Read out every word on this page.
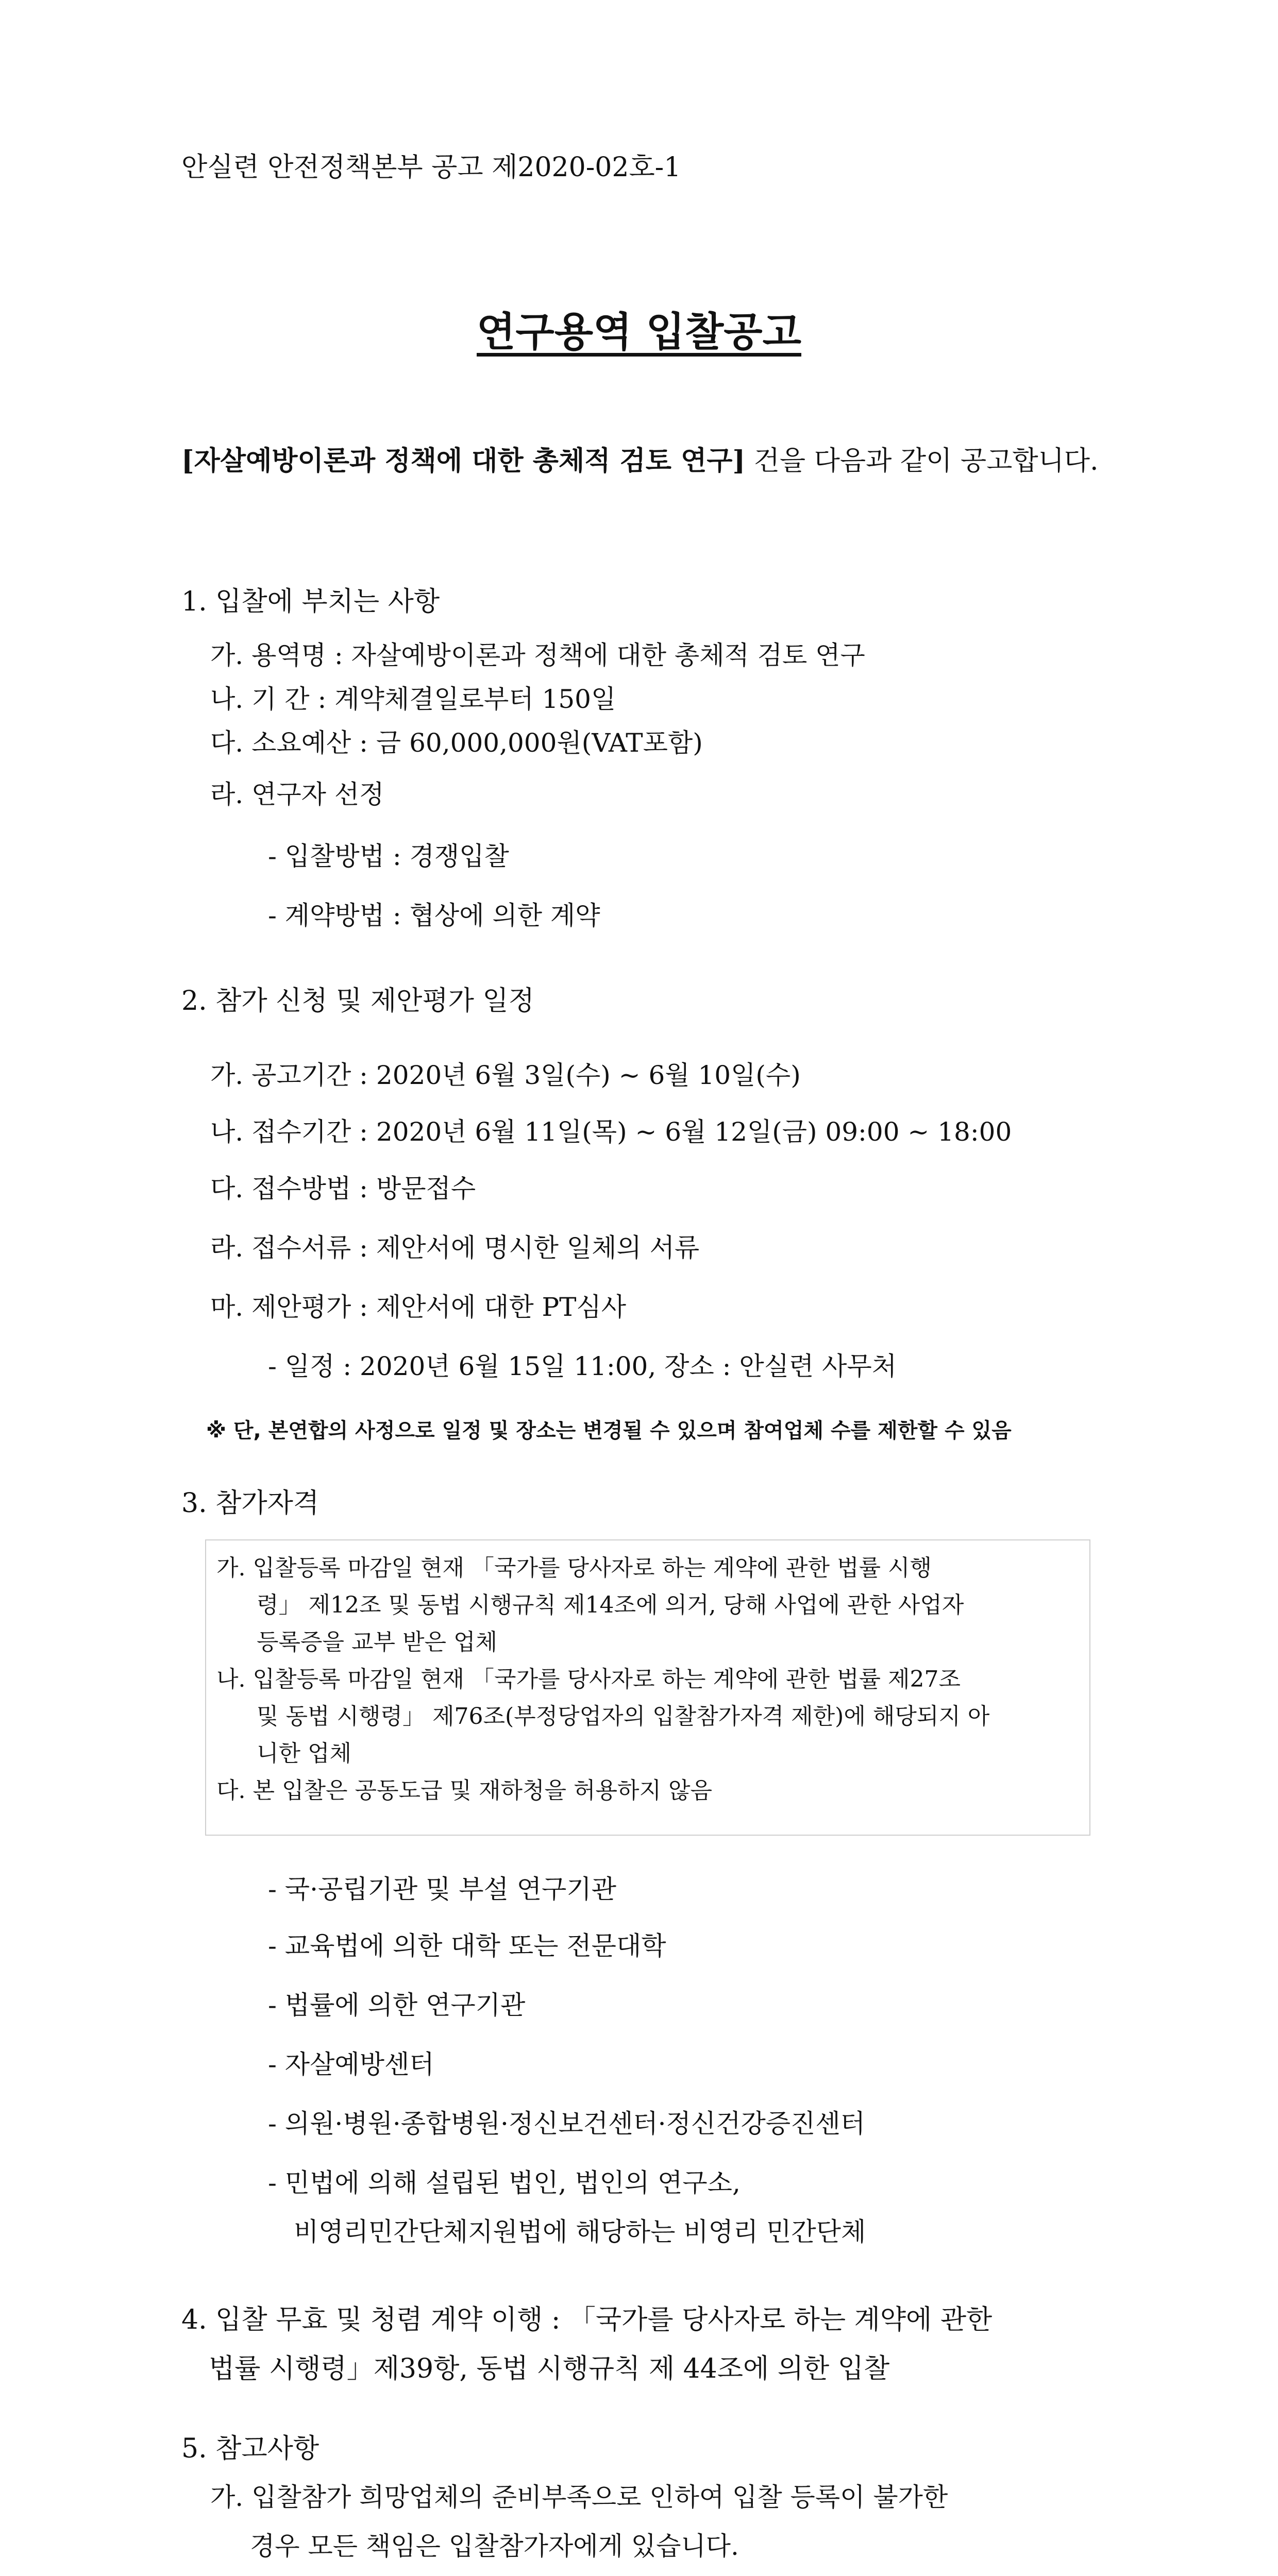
안실련 안전정책본부 공고 제2020-02호-1
연구용역 입찰공고
[자살예방이론과 정책에 대한 총체적 검토 연구] 건을 다음과 같이 공고합니다.
1. 입찰에 부치는 사항
가. 용역명 : 자살예방이론과 정책에 대한 총체적 검토 연구
나. 기 간 : 계약체결일로부터 150일
다. 소요예산 : 금 60,000,000원(VAT포함)
라. 연구자 선정
- 입찰방법 : 경쟁입찰
- 계약방법 : 협상에 의한 계약
2. 참가 신청 및 제안평가 일정
가. 공고기간 : 2020년 6월 3일(수) ~ 6월 10일(수)
나. 접수기간 : 2020년 6월 11일(목) ~ 6월 12일(금) 09:00 ~ 18:00
다. 접수방법 : 방문접수
라. 접수서류 : 제안서에 명시한 일체의 서류
마. 제안평가 : 제안서에 대한 PT심사
- 일정 : 2020년 6월 15일 11:00, 장소 : 안실련 사무처
※ 단, 본연합의 사정으로 일정 및 장소는 변경될 수 있으며 참여업체 수를 제한할 수 있음
3. 참가자격
가. 입찰등록 마감일 현재 「국가를 당사자로 하는 계약에 관한 법률 시행
령」 제12조 및 동법 시행규칙 제14조에 의거, 당해 사업에 관한 사업자
등록증을 교부 받은 업체
나. 입찰등록 마감일 현재 「국가를 당사자로 하는 계약에 관한 법률 제27조
및 동법 시행령」 제76조(부정당업자의 입찰참가자격 제한)에 해당되지 아
니한 업체
다. 본 입찰은 공동도급 및 재하청을 허용하지 않음
- 국·공립기관 및 부설 연구기관
- 교육법에 의한 대학 또는 전문대학
- 법률에 의한 연구기관
- 자살예방센터
- 의원·병원·종합병원·정신보건센터·정신건강증진센터
- 민법에 의해 설립된 법인, 법인의 연구소,
비영리민간단체지원법에 해당하는 비영리 민간단체
4. 입찰 무효 및 청렴 계약 이행 : 「국가를 당사자로 하는 계약에 관한
법률 시행령」제39항, 동법 시행규칙 제 44조에 의한 입찰
5. 참고사항
가. 입찰참가 희망업체의 준비부족으로 인하여 입찰 등록이 불가한
경우 모든 책임은 입찰참가자에게 있습니다.
